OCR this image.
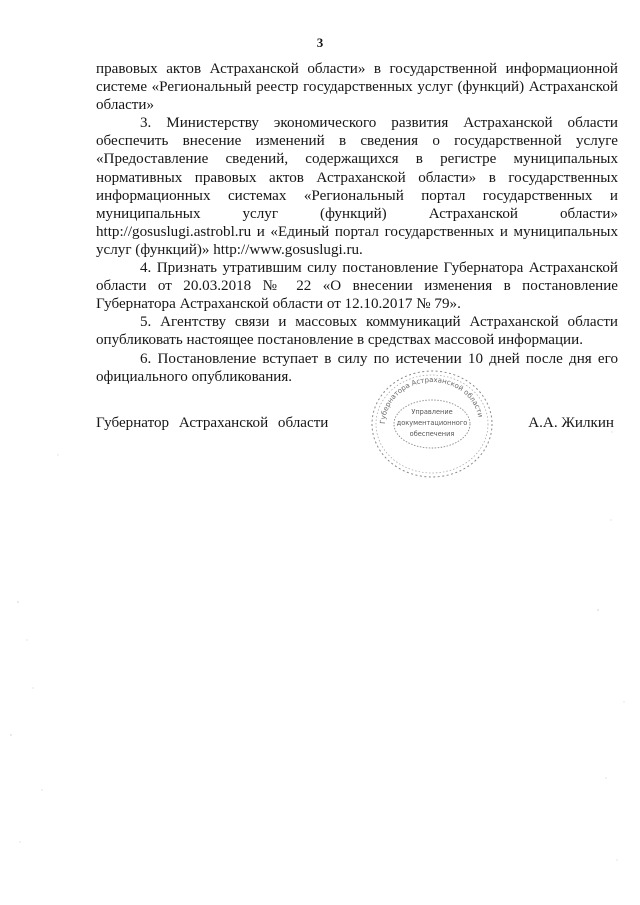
3

правовых актов Астраханской области» в государственной информационной системе «Региональный реестр государственных услуг (функций) Астраханской области»

3. Министерству экономического развития Астраханской области обеспечить внесение изменений в сведения о государственной услуге «Предоставление сведений, содержащихся в регистре муниципальных нормативных правовых актов Астраханской области» в государственных информационных системах «Региональный портал государственных и муниципальных услуг (функций) Астраханской области» http://gosuslugi.astrobl.ru и «Единый портал государственных и муниципальных услуг (функций)» http://www.gosuslugi.ru.

4. Признать утратившим силу постановление Губернатора Астраханской области от 20.03.2018 № 22 «О внесении изменения в постановление Губернатора Астраханской области от 12.10.2017 № 79».

5. Агентству связи и массовых коммуникаций Астраханской области опубликовать настоящее постановление в средствах массовой информации.

6. Постановление вступает в силу по истечении 10 дней после дня его официального опубликования.

Губернатора Астраханской области
Управление
документационного
обеспечения
Губернатор Астраханской области	А.А. Жилкин
